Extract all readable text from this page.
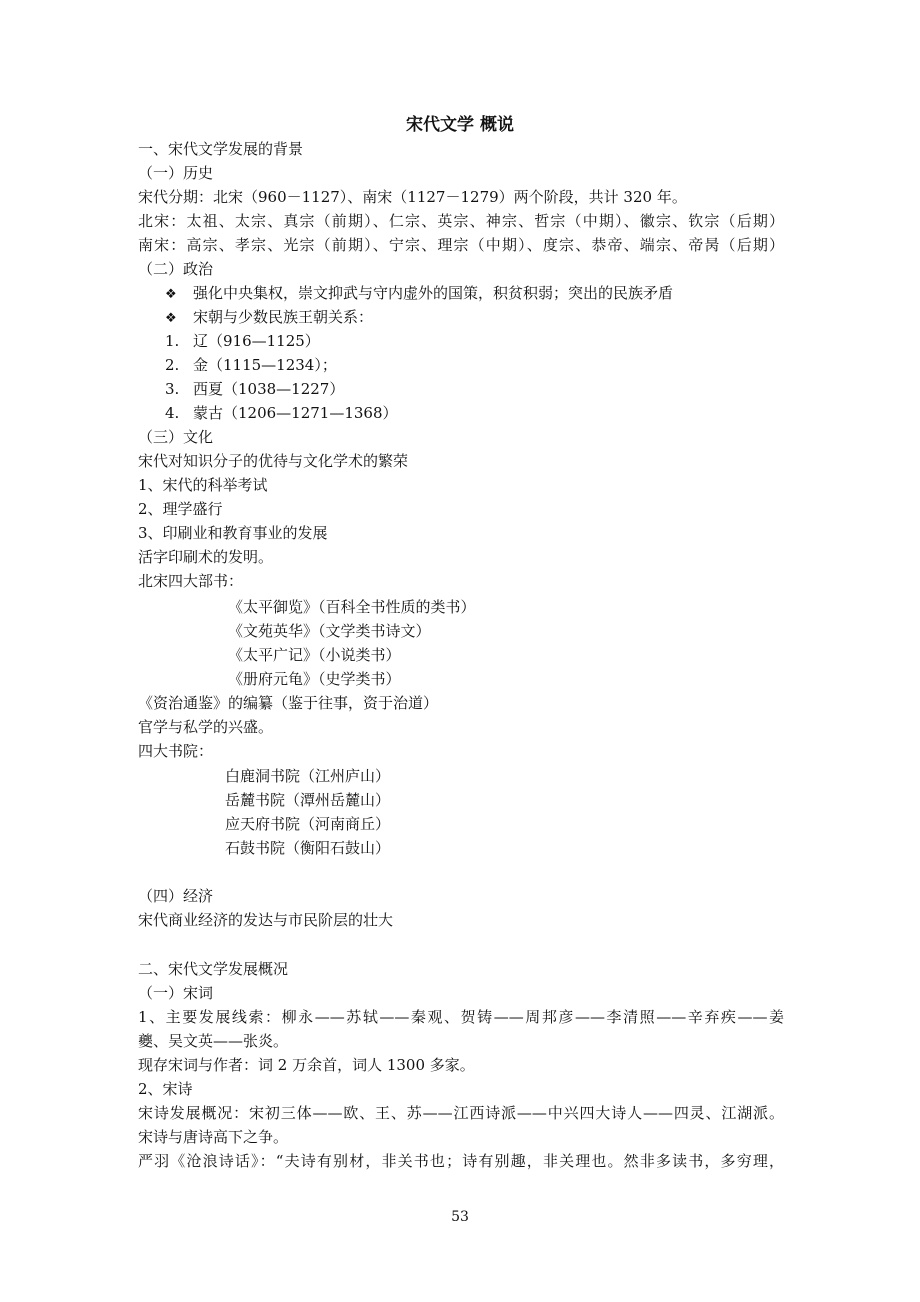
宋代文学 概说
一、宋代文学发展的背景
（一）历史
宋代分期：北宋（960－1127）、南宋（1127－1279）两个阶段，共计 320 年。
北宋：太祖、太宗、真宗（前期）、仁宗、英宗、神宗、哲宗（中期）、徽宗、钦宗（后期）
南宋：高宗、孝宗、光宗（前期）、宁宗、理宗（中期）、度宗、恭帝、端宗、帝昺（后期）
（二）政治
❖ 强化中央集权，崇文抑武与守内虚外的国策，积贫积弱；突出的民族矛盾
❖ 宋朝与少数民族王朝关系：
1. 辽（916—1125）
2. 金（1115—1234）；
3. 西夏（1038—1227）
4. 蒙古（1206—1271—1368）
（三）文化
宋代对知识分子的优待与文化学术的繁荣
1、宋代的科举考试
2、理学盛行
3、印刷业和教育事业的发展
活字印刷术的发明。
北宋四大部书：
《太平御览》（百科全书性质的类书）
《文苑英华》（文学类书诗文）
《太平广记》（小说类书）
《册府元龟》（史学类书）
《资治通鉴》的编纂（鉴于往事，资于治道）
官学与私学的兴盛。
四大书院：
白鹿洞书院（江州庐山）
岳麓书院（潭州岳麓山）
应天府书院（河南商丘）
石鼓书院（衡阳石鼓山）
（四）经济
宋代商业经济的发达与市民阶层的壮大
二、宋代文学发展概况
（一）宋词
1、主要发展线索：柳永——苏轼——秦观、贺铸——周邦彦——李清照——辛弃疾——姜
夔、吴文英——张炎。
现存宋词与作者：词 2 万余首，词人 1300 多家。
2、宋诗
宋诗发展概况：宋初三体——欧、王、苏——江西诗派——中兴四大诗人——四灵、江湖派。
宋诗与唐诗高下之争。
严羽《沧浪诗话》：“夫诗有别材，非关书也；诗有别趣，非关理也。然非多读书，多穷理，
53
